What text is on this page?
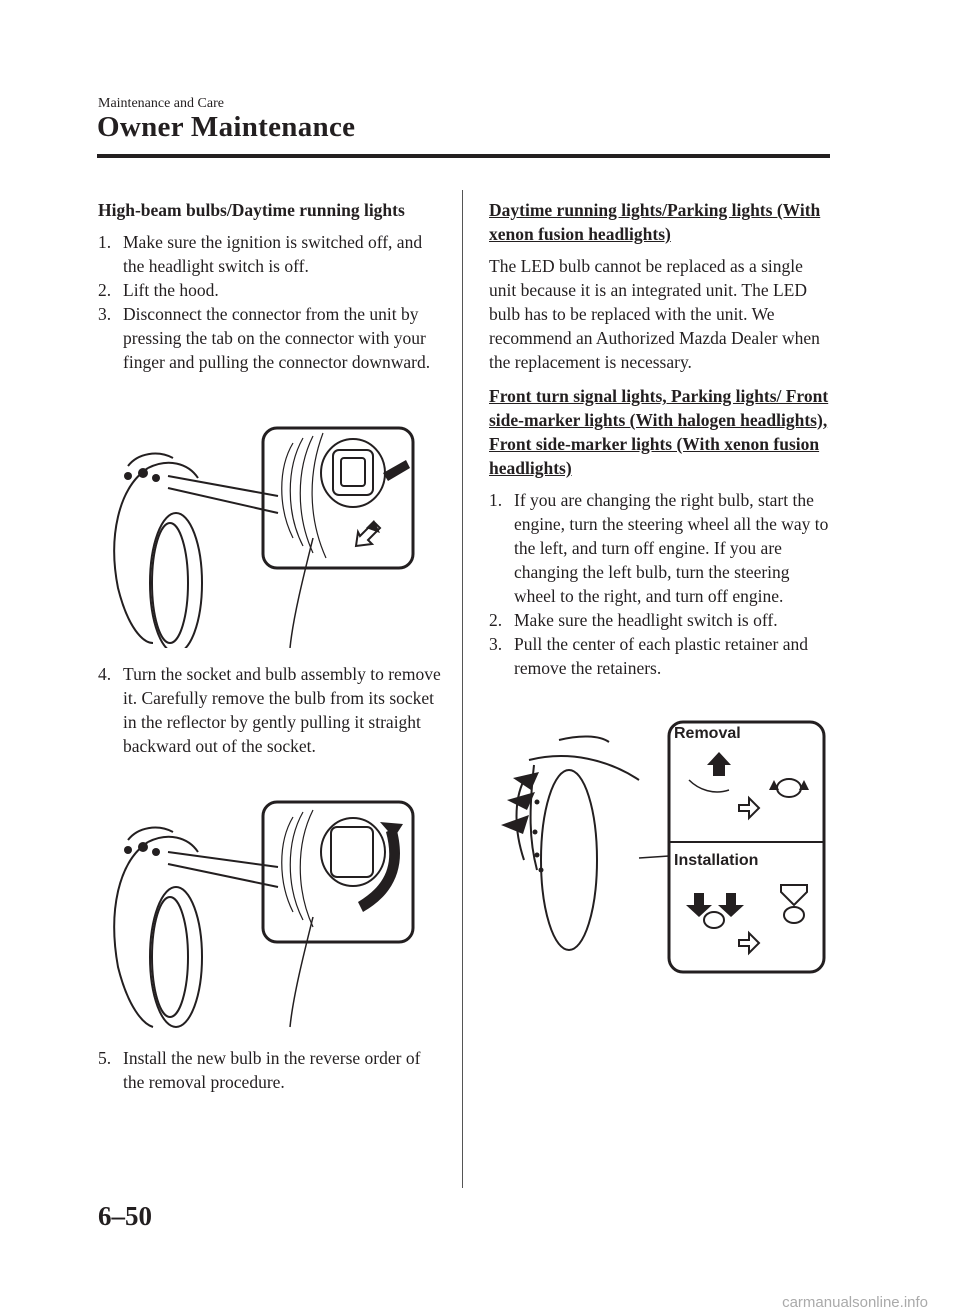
Maintenance and Care
Owner Maintenance
High-beam bulbs/Daytime running lights
1. Make sure the ignition is switched off, and the headlight switch is off.
2. Lift the hood.
3. Disconnect the connector from the unit by pressing the tab on the connector with your finger and pulling the connector downward.
4. Turn the socket and bulb assembly to remove it. Carefully remove the bulb from its socket in the reflector by gently pulling it straight backward out of the socket.
5. Install the new bulb in the reverse order of the removal procedure.
Daytime running lights/Parking lights (With xenon fusion headlights)

The LED bulb cannot be replaced as a single unit because it is an integrated unit. The LED bulb has to be replaced with the unit. We recommend an Authorized Mazda Dealer when the replacement is necessary.

Front turn signal lights, Parking lights/ Front side-marker lights (With halogen headlights), Front side-marker lights (With xenon fusion headlights)
1. If you are changing the right bulb, start the engine, turn the steering wheel all the way to the left, and turn off engine. If you are changing the left bulb, turn the steering wheel to the right, and turn off engine.
2. Make sure the headlight switch is off.
3. Pull the center of each plastic retainer and remove the retainers.
Removal
Installation
6–50
carmanualsonline.info
